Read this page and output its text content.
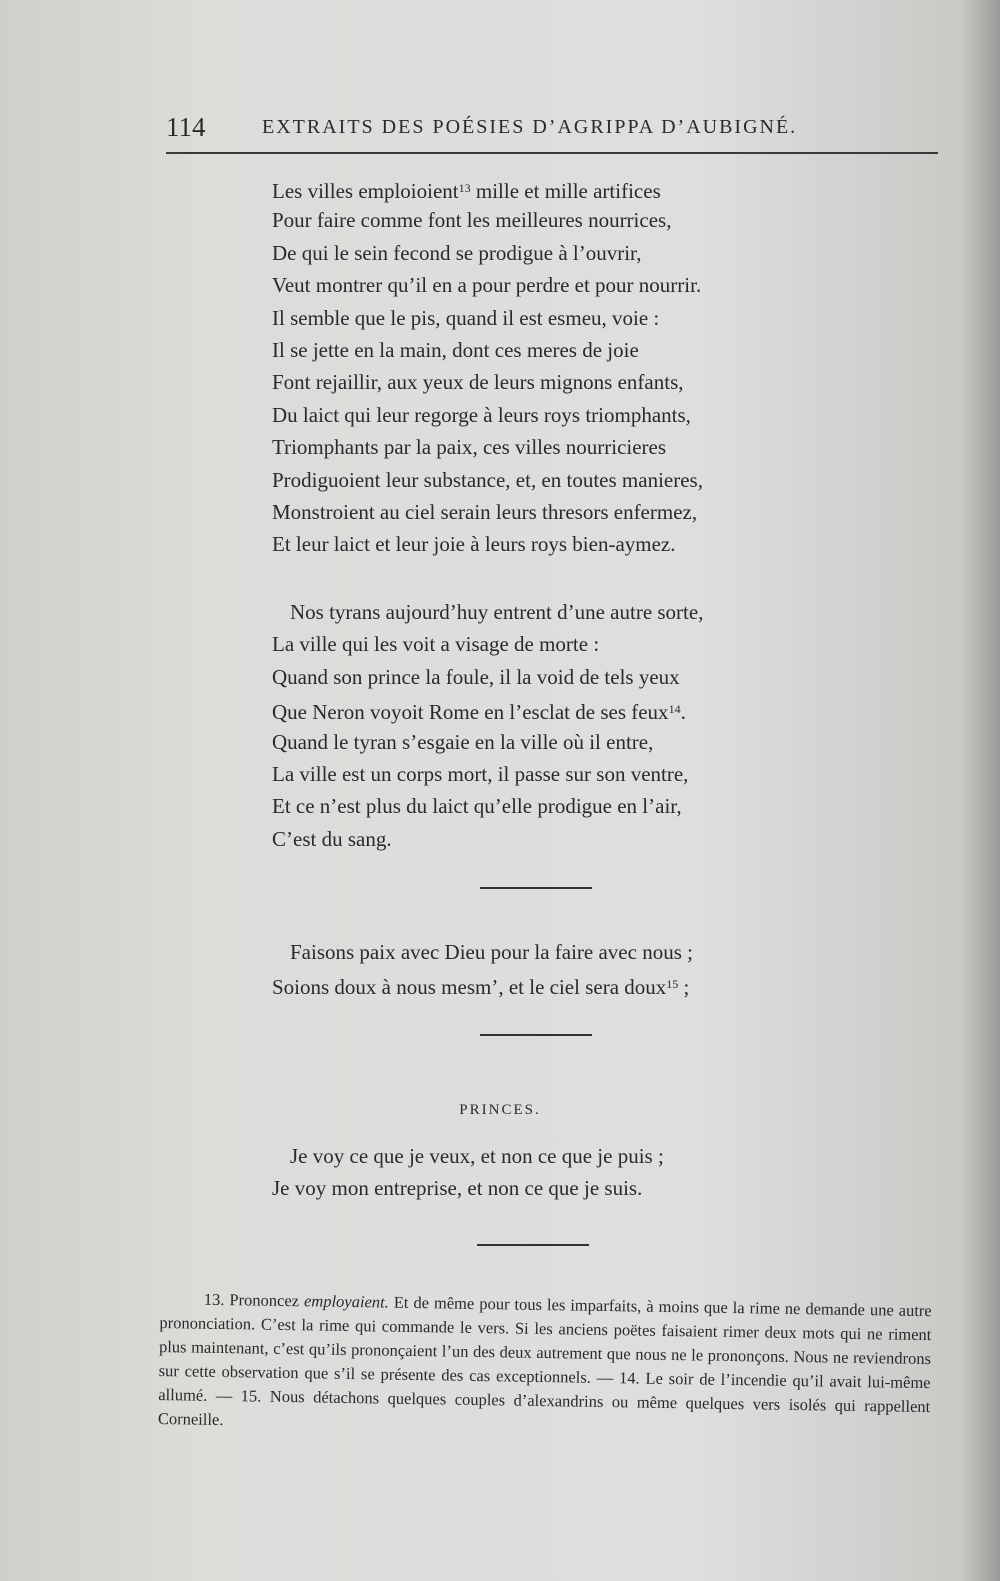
114	EXTRAITS DES POÉSIES D’AGRIPPA D’AUBIGNÉ.
Les villes emploioient$^{13}$ mille et mille artifices
Pour faire comme font les meilleures nourrices,
De qui le sein fecond se prodigue à l’ouvrir,
Veut montrer qu’il en a pour perdre et pour nourrir.
Il semble que le pis, quand il est esmeu, voie :
Il se jette en la main, dont ces meres de joie
Font rejaillir, aux yeux de leurs mignons enfants,
Du laict qui leur regorge à leurs roys triomphants,
Triomphants par la paix, ces villes nourricieres
Prodiguoient leur substance, et, en toutes manieres,
Monstroient au ciel serain leurs thresors enfermez,
Et leur laict et leur joie à leurs roys bien-aymez.
Nos tyrans aujourd’huy entrent d’une autre sorte,
La ville qui les voit a visage de morte :
Quand son prince la foule, il la void de tels yeux
Que Neron voyoit Rome en l’esclat de ses feux$^{14}$.
Quand le tyran s’esgaie en la ville où il entre,
La ville est un corps mort, il passe sur son ventre,
Et ce n’est plus du laict qu’elle prodigue en l’air,
C’est du sang.
Faisons paix avec Dieu pour la faire avec nous ;
Soions doux à nous mesm’, et le ciel sera doux$^{15}$ ;
PRINCES.
Je voy ce que je veux, et non ce que je puis ;
Je voy mon entreprise, et non ce que je suis.

13. Prononcez employaient. Et de même pour tous les imparfaits, à moins que la rime ne demande une autre prononciation. C’est la rime qui commande le vers. Si les anciens poëtes faisaient rimer deux mots qui ne riment plus maintenant, c’est qu’ils prononçaient l’un des deux autrement que nous ne le prononçons. Nous ne reviendrons sur cette observation que s’il se présente des cas exceptionnels. — 14. Le soir de l’incendie qu’il avait lui-même allumé. — 15. Nous détachons quelques couples d’alexandrins ou même quelques vers isolés qui rappellent Corneille.
